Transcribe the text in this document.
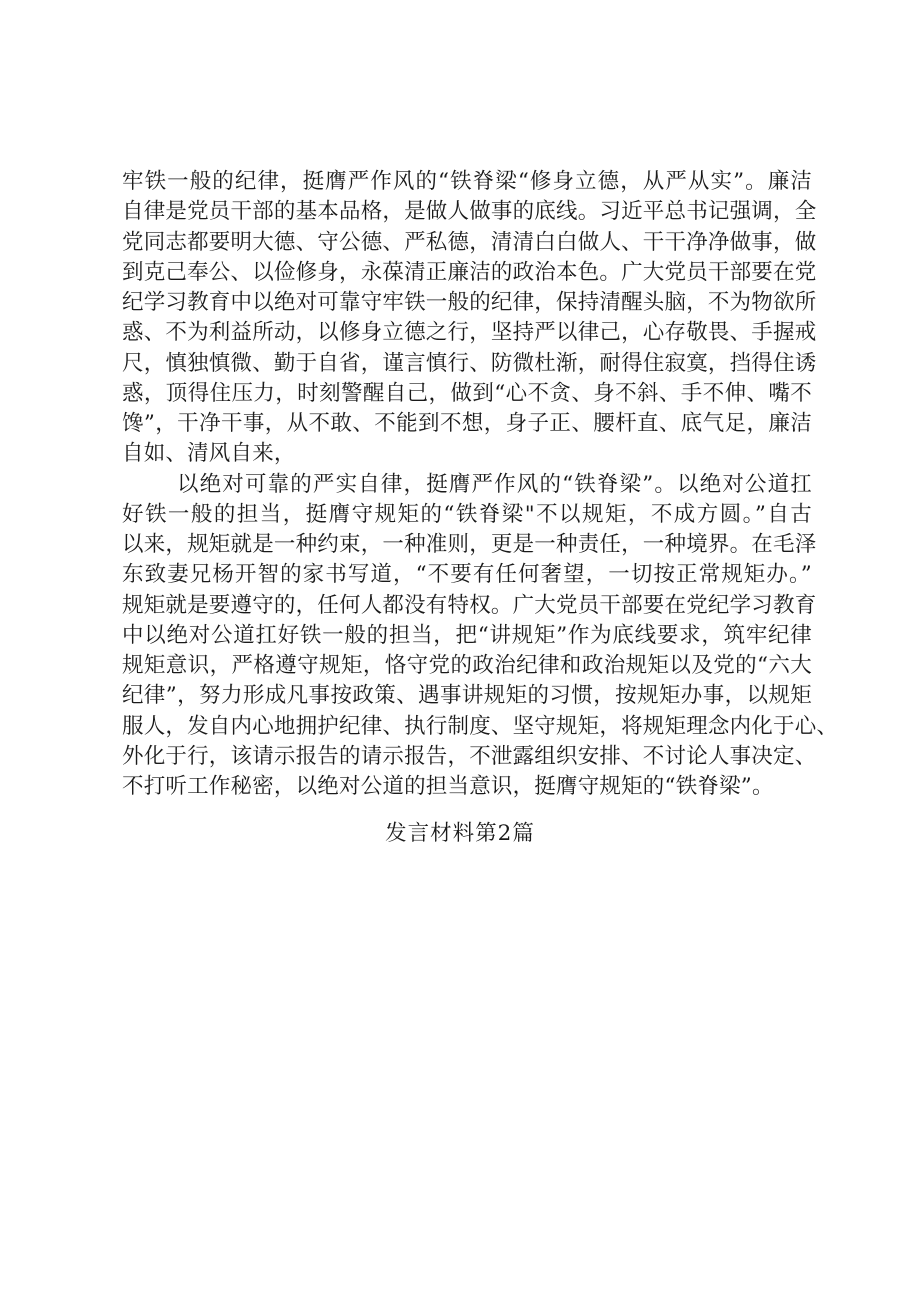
牢铁一般的纪律，挺膺严作风的“铁脊梁“修身立德，从严从实”。廉洁
自律是党员干部的基本品格，是做人做事的底线。习近平总书记强调，全
党同志都要明大德、守公德、严私德，清清白白做人、干干净净做事，做
到克己奉公、以俭修身，永葆清正廉洁的政治本色。广大党员干部要在党
纪学习教育中以绝对可靠守牢铁一般的纪律，保持清醒头脑，不为物欲所
惑、不为利益所动，以修身立德之行，坚持严以律己，心存敬畏、手握戒
尺，慎独慎微、勤于自省，谨言慎行、防微杜渐，耐得住寂寞，挡得住诱
惑，顶得住压力，时刻警醒自己，做到“心不贪、身不斜、手不伸、嘴不
馋”，干净干事，从不敢、不能到不想，身子正、腰杆直、底气足，廉洁
自如、清风自来，
以绝对可靠的严实自律，挺膺严作风的“铁脊梁”。以绝对公道扛
好铁一般的担当，挺膺守规矩的“铁脊梁"不以规矩，不成方圆。”自古
以来，规矩就是一种约束，一种准则，更是一种责任，一种境界。在毛泽
东致妻兄杨开智的家书写道，“不要有任何奢望，一切按正常规矩办。”
规矩就是要遵守的，任何人都没有特权。广大党员干部要在党纪学习教育
中以绝对公道扛好铁一般的担当，把“讲规矩”作为底线要求，筑牢纪律
规矩意识，严格遵守规矩，恪守党的政治纪律和政治规矩以及党的“六大
纪律”，努力形成凡事按政策、遇事讲规矩的习惯，按规矩办事，以规矩
服人，发自内心地拥护纪律、执行制度、坚守规矩，将规矩理念内化于心、
外化于行，该请示报告的请示报告，不泄露组织安排、不讨论人事决定、
不打听工作秘密，以绝对公道的担当意识，挺膺守规矩的“铁脊梁”。
发言材料第2篇
